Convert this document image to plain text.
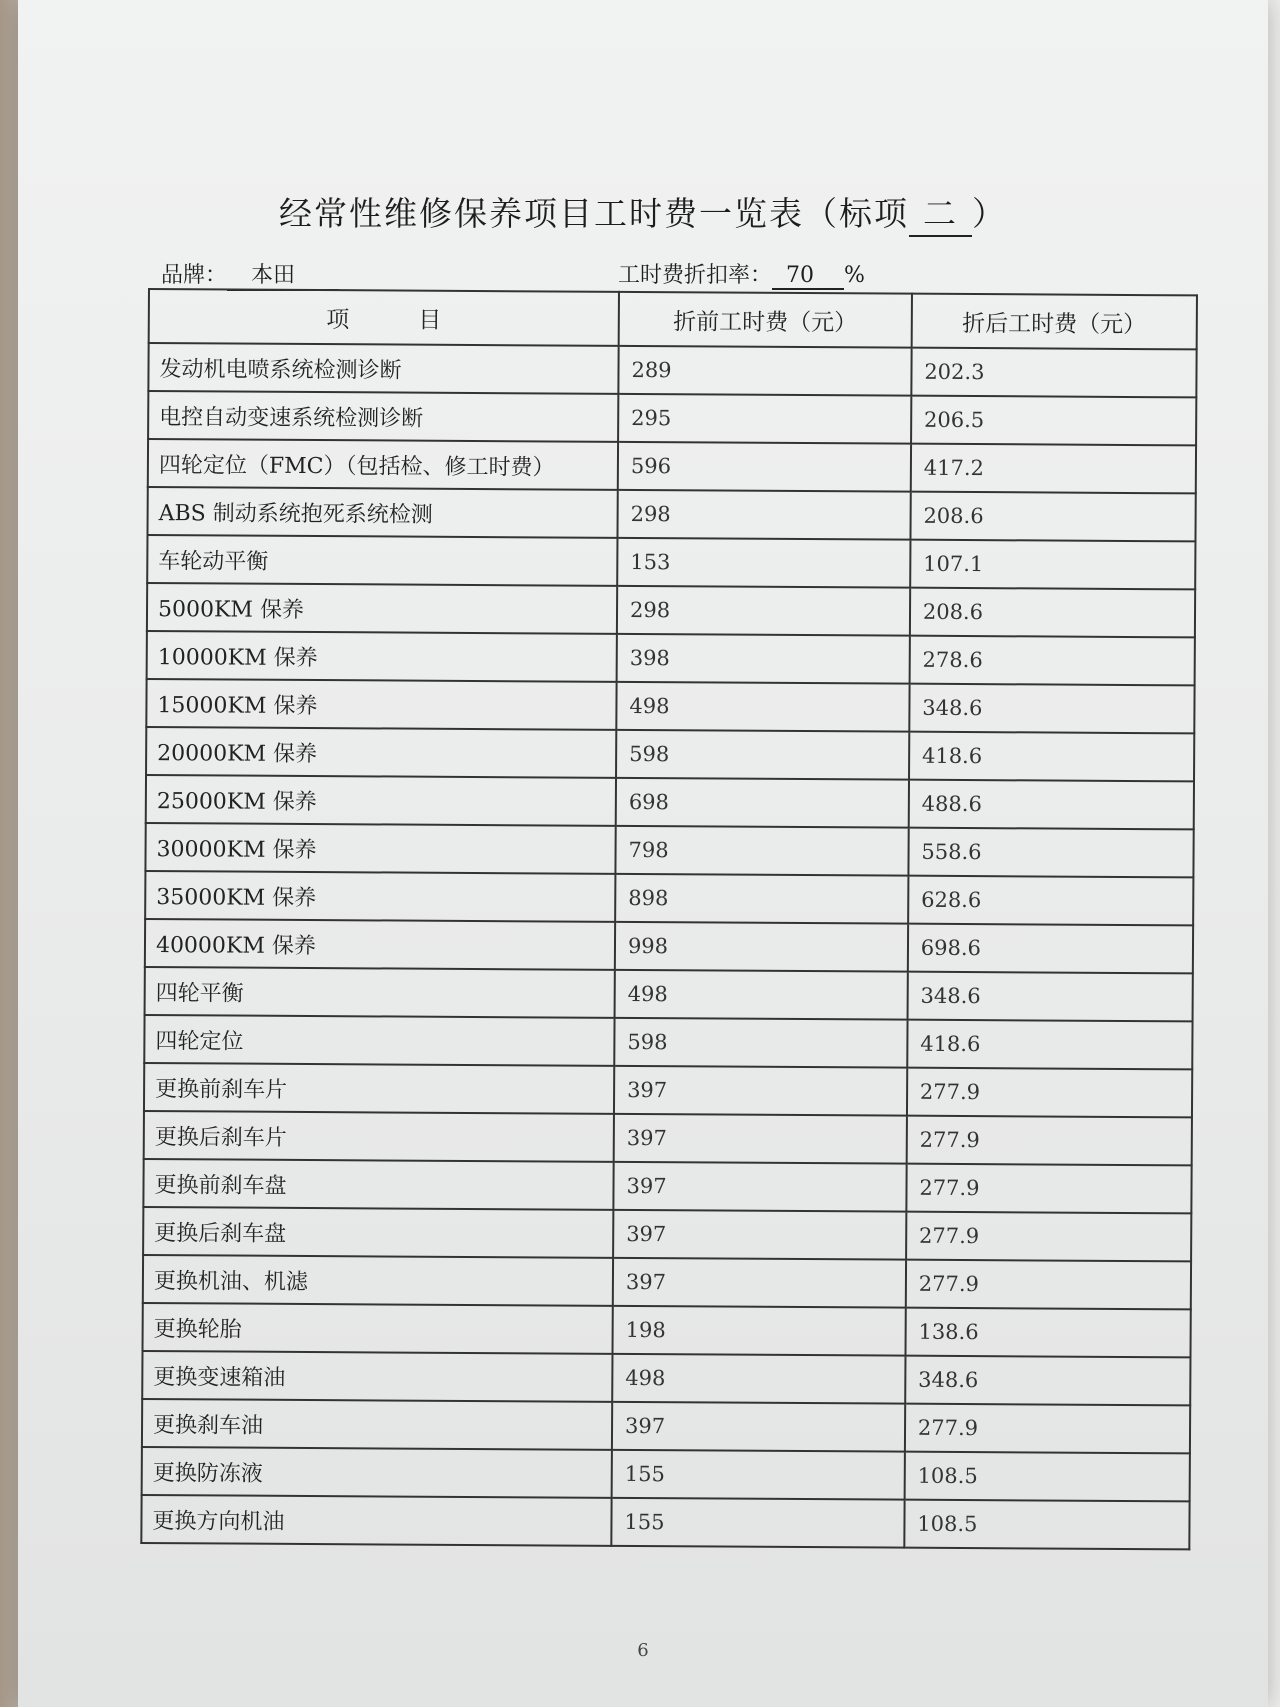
经常性维修保养项目工时费一览表（标项 二 ）
品牌： 本田	工时费折扣率： 70 %
项　　　目	折前工时费（元）	折后工时费（元）
发动机电喷系统检测诊断	289	202.3
电控自动变速系统检测诊断	295	206.5
四轮定位（FMC）（包括检、修工时费）	596	417.2
ABS 制动系统抱死系统检测	298	208.6
车轮动平衡	153	107.1
5000KM 保养	298	208.6
10000KM 保养	398	278.6
15000KM 保养	498	348.6
20000KM 保养	598	418.6
25000KM 保养	698	488.6
30000KM 保养	798	558.6
35000KM 保养	898	628.6
40000KM 保养	998	698.6
四轮平衡	498	348.6
四轮定位	598	418.6
更换前刹车片	397	277.9
更换后刹车片	397	277.9
更换前刹车盘	397	277.9
更换后刹车盘	397	277.9
更换机油、机滤	397	277.9
更换轮胎	198	138.6
更换变速箱油	498	348.6
更换刹车油	397	277.9
更换防冻液	155	108.5
更换方向机油	155	108.5
6
